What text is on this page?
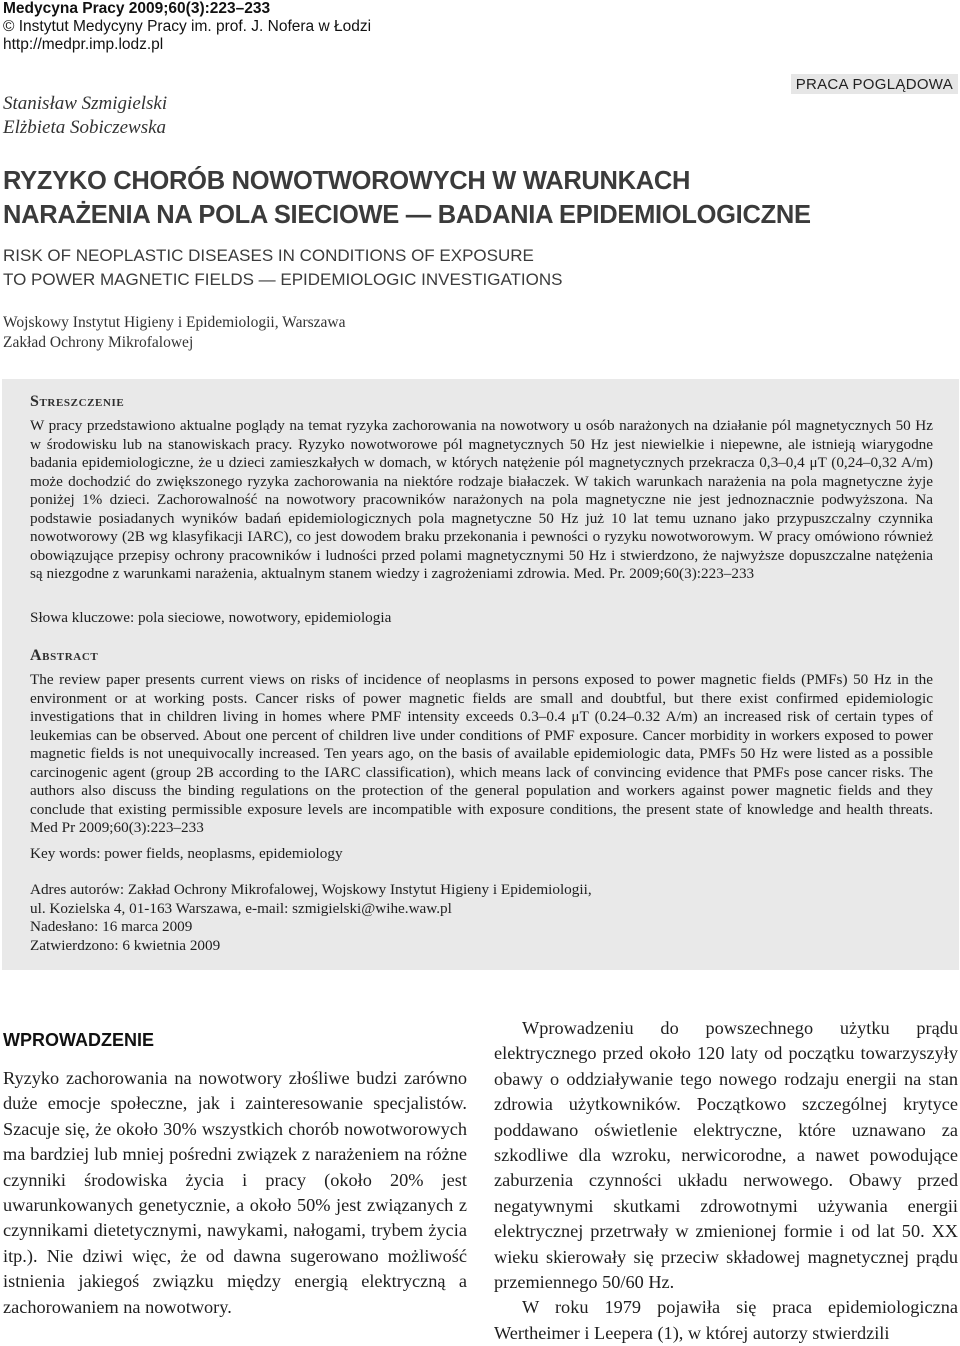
Medycyna Pracy 2009;60(3):223–233
© Instytut Medycyny Pracy im. prof. J. Nofera w Łodzi
http://medpr.imp.lodz.pl
PRACA POGLĄDOWA
Stanisław Szmigielski
Elżbieta Sobiczewska
RYZYKO CHORÓB NOWOTWOROWYCH W WARUNKACH
NARAŻENIA NA POLA SIECIOWE — BADANIA EPIDEMIOLOGICZNE
RISK OF NEOPLASTIC DISEASES IN CONDITIONS OF EXPOSURE
TO POWER MAGNETIC FIELDS — EPIDEMIOLOGIC INVESTIGATIONS
Wojskowy Instytut Higieny i Epidemiologii, Warszawa
Zakład Ochrony Mikrofalowej
Streszczenie
W pracy przedstawiono aktualne poglądy na temat ryzyka zachorowania na nowotwory u osób narażonych na działanie pól magnetycznych 50 Hz w środowisku lub na stanowiskach pracy. Ryzyko nowotworowe pól magnetycznych 50 Hz jest niewielkie i niepewne, ale istnieją wiarygodne badania epidemiologiczne, że u dzieci zamieszkałych w domach, w których natężenie pól magnetycznych przekracza 0,3–0,4 μT (0,24–0,32 A/m) może dochodzić do zwiększonego ryzyka zachorowania na niektóre rodzaje białaczek. W takich warunkach narażenia na pola magnetyczne żyje poniżej 1% dzieci. Zachorowalność na nowotwory pracowników narażonych na pola magnetyczne nie jest jednoznacznie podwyższona. Na podstawie posiadanych wyników badań epidemiologicznych pola magnetyczne 50 Hz już 10 lat temu uznano jako przypuszczalny czynnika nowotworowy (2B wg klasyfikacji IARC), co jest dowodem braku przekonania i pewności o ryzyku nowotworowym. W pracy omówiono również obowiązujące przepisy ochrony pracowników i ludności przed polami magnetycznymi 50 Hz i stwierdzono, że najwyższe dopuszczalne natężenia są niezgodne z warunkami narażenia, aktualnym stanem wiedzy i zagrożeniami zdrowia. Med. Pr. 2009;60(3):223–233
Słowa kluczowe: pola sieciowe, nowotwory, epidemiologia
Abstract
The review paper presents current views on risks of incidence of neoplasms in persons exposed to power magnetic fields (PMFs) 50 Hz in the environment or at working posts. Cancer risks of power magnetic fields are small and doubtful, but there exist confirmed epidemiologic investigations that in children living in homes where PMF intensity exceeds 0.3–0.4 μT (0.24–0.32 A/m) an increased risk of certain types of leukemias can be observed. About one percent of children live under conditions of PMF exposure. Cancer morbidity in workers exposed to power magnetic fields is not unequivocally increased. Ten years ago, on the basis of available epidemiologic data, PMFs 50 Hz were listed as a possible carcinogenic agent (group 2B according to the IARC classification), which means lack of convincing evidence that PMFs pose cancer risks. The authors also discuss the binding regulations on the protection of the general population and workers against power magnetic fields and they conclude that existing permissible exposure levels are incompatible with exposure conditions, the present state of knowledge and health threats. Med Pr 2009;60(3):223–233
Key words: power fields, neoplasms, epidemiology
Adres autorów: Zakład Ochrony Mikrofalowej, Wojskowy Instytut Higieny i Epidemiologii,
ul. Kozielska 4, 01-163 Warszawa, e-mail: szmigielski@wihe.waw.pl
Nadesłano: 16 marca 2009
Zatwierdzono: 6 kwietnia 2009
WPROWADZENIE

Ryzyko zachorowania na nowotwory złośliwe budzi zarówno duże emocje społeczne, jak i zainteresowanie specjalistów. Szacuje się, że około 30% wszystkich chorób nowotworowych ma bardziej lub mniej pośredni związek z narażeniem na różne czynniki środowiska życia i pracy (około 20% jest uwarunkowanych genetycznie, a około 50% jest związanych z czynnikami dietetycznymi, nawykami, nałogami, trybem życia itp.). Nie dziwi więc, że od dawna sugerowano możliwość istnienia jakiegoś związku między energią elektryczną a zachorowaniem na nowotwory.

Wprowadzeniu do powszechnego użytku prądu elektrycznego przed około 120 laty od początku towarzyszyły obawy o oddziaływanie tego nowego rodzaju energii na stan zdrowia użytkowników. Początkowo szczególnej krytyce poddawano oświetlenie elektryczne, które uznawano za szkodliwe dla wzroku, nerwicorodne, a nawet powodujące zaburzenia czynności układu nerwowego. Obawy przed negatywnymi skutkami zdrowotnymi używania energii elektrycznej przetrwały w zmienionej formie i od lat 50. XX wieku skierowały się przeciw składowej magnetycznej prądu przemiennego 50/60 Hz.

W roku 1979 pojawiła się praca epidemiologiczna Wertheimer i Leepera (1), w której autorzy stwierdzili
